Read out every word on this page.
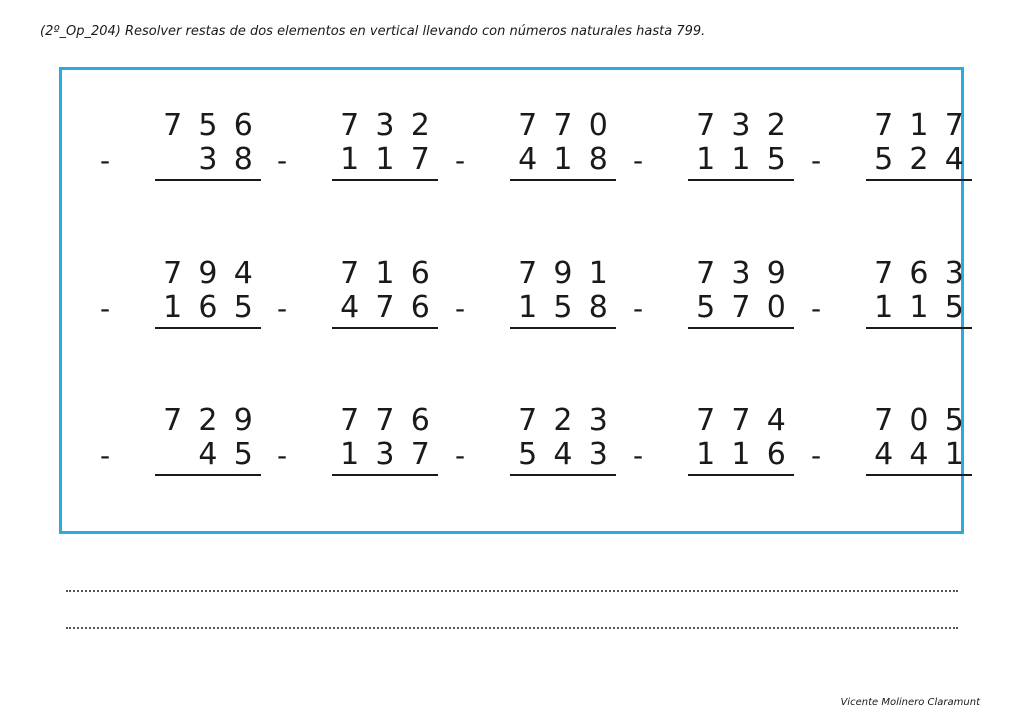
(2º_Op_204) Resolver restas de dos elementos en vertical llevando con números naturales hasta 799.
7 5 6
-	3 8
7 3 2
- 1 1 7
7 7 0
- 4 1 8
7 3 2
- 1 1 5
7 1 7
- 5 2 4
7 9 4
- 1 6 5
7 1 6
- 4 7 6
7 9 1
- 1 5 8
7 3 9
- 5 7 0
7 6 3
- 1 1 5
7 2 9
-	4 5
7 7 6
- 1 3 7
7 2 3
- 5 4 3
7 7 4
- 1 1 6
7 0 5
- 4 4 1
Vicente Molinero Claramunt
